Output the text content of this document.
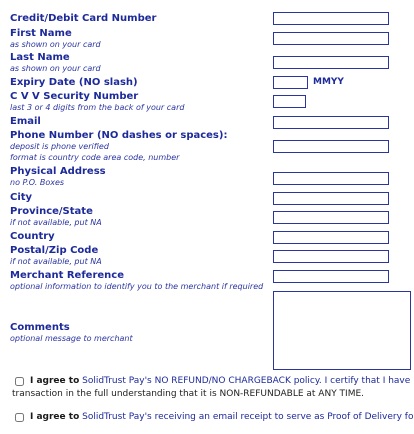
Credit/Debit Card Number
First Name
as shown on your card
Last Name
as shown on your card
Expiry Date (NO slash)
C V V Security Number
last 3 or 4 digits from the back of your card
Email
Phone Number (NO dashes or spaces):
deposit is phone verified
format is country code area code, number
Physical Address
no P.O. Boxes
City
Province/State
if not available, put NA
Country
Postal/Zip Code
if not available, put NA
Merchant Reference
optional information to identify you to the merchant if required
Comments
optional message to merchant
MMYY
I agree to SolidTrust Pay's NO REFUND/NO CHARGEBACK policy. I certify that I have
transaction in the full understanding that it is NON-REFUNDABLE at ANY TIME.
I agree to SolidTrust Pay's receiving an email receipt to serve as Proof of Delivery fo
